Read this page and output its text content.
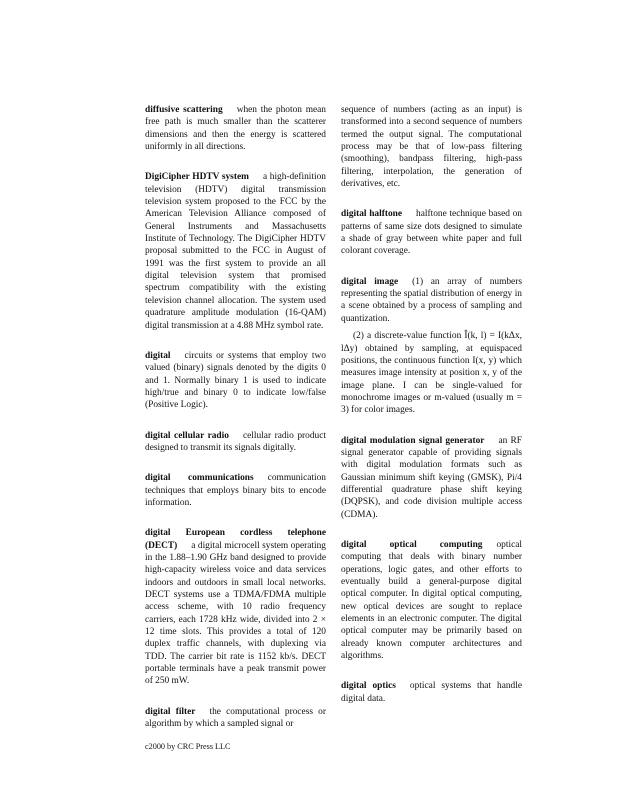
diffusive scattering when the photon mean free path is much smaller than the scatterer dimensions and then the energy is scattered uniformly in all directions.
DigiCipher HDTV system a high-definition television (HDTV) digital transmission television system proposed to the FCC by the American Television Alliance composed of General Instruments and Massachusetts Institute of Technology. The DigiCipher HDTV proposal submitted to the FCC in August of 1991 was the first system to provide an all digital television system that promised spectrum compatibility with the existing television channel allocation. The system used quadrature amplitude modulation (16-QAM) digital transmission at a 4.88 MHz symbol rate.
digital circuits or systems that employ two valued (binary) signals denoted by the digits 0 and 1. Normally binary 1 is used to indicate high/true and binary 0 to indicate low/false (Positive Logic).
digital cellular radio cellular radio product designed to transmit its signals digitally.
digital communications communication techniques that employs binary bits to encode information.
digital European cordless telephone (DECT) a digital microcell system operating in the 1.88–1.90 GHz band designed to provide high-capacity wireless voice and data services indoors and outdoors in small local networks. DECT systems use a TDMA/FDMA multiple access scheme, with 10 radio frequency carriers, each 1728 kHz wide, divided into 2 × 12 time slots. This provides a total of 120 duplex traffic channels, with duplexing via TDD. The carrier bit rate is 1152 kb/s. DECT portable terminals have a peak transmit power of 250 mW.
digital filter the computational process or algorithm by which a sampled signal or
sequence of numbers (acting as an input) is transformed into a second sequence of numbers termed the output signal. The computational process may be that of low-pass filtering (smoothing), bandpass filtering, high-pass filtering, interpolation, the generation of derivatives, etc.
digital halftone halftone technique based on patterns of same size dots designed to simulate a shade of gray between white paper and full colorant coverage.
digital image (1) an array of numbers representing the spatial distribution of energy in a scene obtained by a process of sampling and quantization.
(2) a discrete-value function Î(k, l) = I(kΔx, lΔy) obtained by sampling, at equispaced positions, the continuous function I(x, y) which measures image intensity at position x, y of the image plane. I can be single-valued for monochrome images or m-valued (usually m = 3) for color images.
digital modulation signal generator an RF signal generator capable of providing signals with digital modulation formats such as Gaussian minimum shift keying (GMSK), Pi/4 differential quadrature phase shift keying (DQPSK), and code division multiple access (CDMA).
digital optical computing optical computing that deals with binary number operations, logic gates, and other efforts to eventually build a general-purpose digital optical computer. In digital optical computing, new optical devices are sought to replace elements in an electronic computer. The digital optical computer may be primarily based on already known computer architectures and algorithms.
digital optics optical systems that handle digital data.
c2000 by CRC Press LLC
